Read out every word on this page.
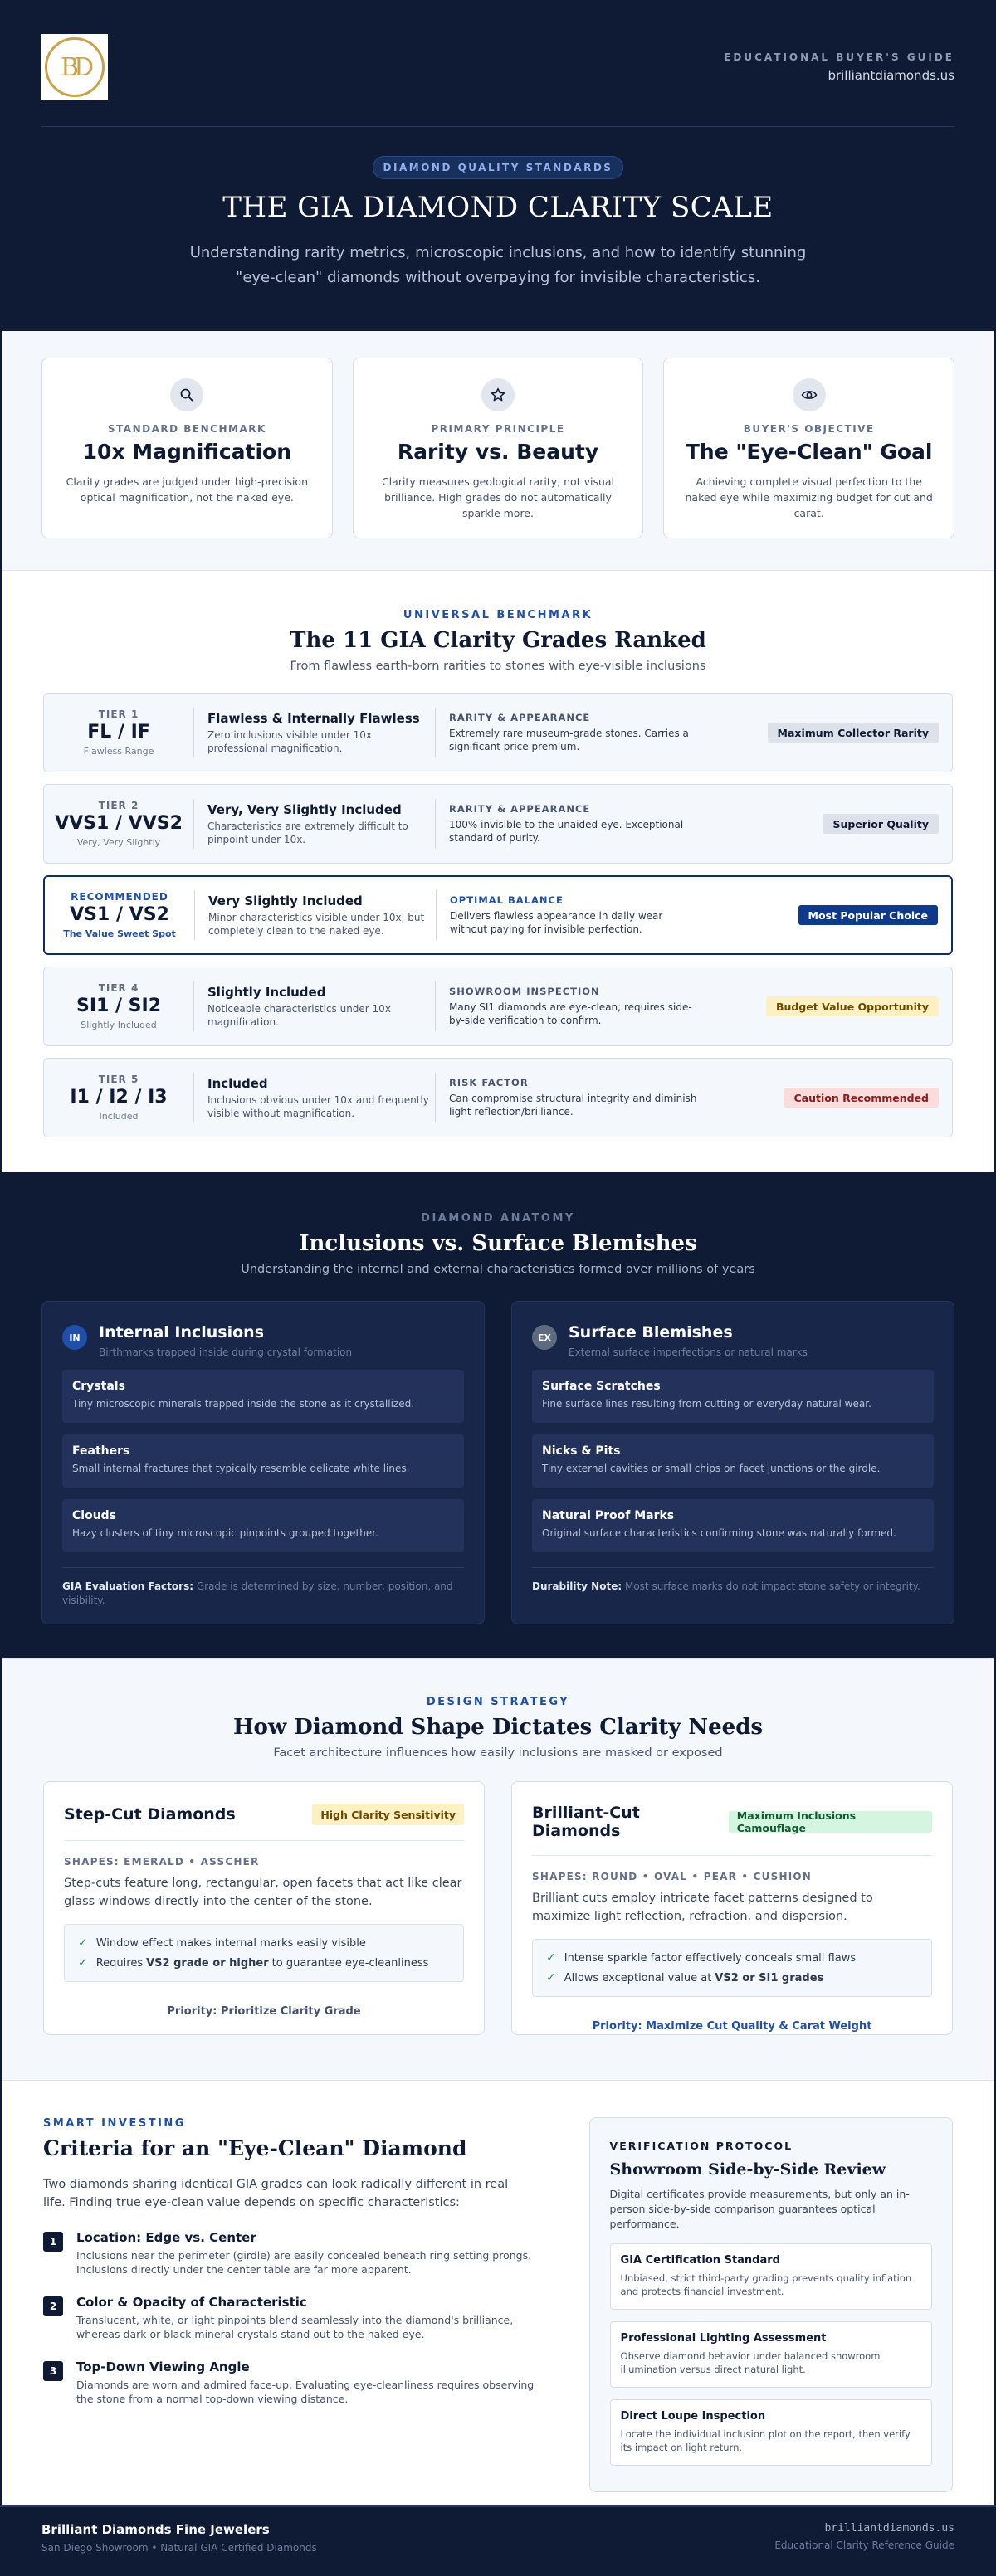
BD	EDUCATIONAL BUYER'S GUIDE
brilliantdiamonds.us
DIAMOND QUALITY STANDARDS
THE GIA DIAMOND CLARITY SCALE

Understanding rarity metrics, microscopic inclusions, and how to identify stunning "eye-clean" diamonds without overpaying for invisible characteristics.

STANDARD BENCHMARK
10x Magnification

Clarity grades are judged under high-precision optical magnification, not the naked eye.

PRIMARY PRINCIPLE
Rarity vs. Beauty

Clarity measures geological rarity, not visual brilliance. High grades do not automatically sparkle more.

BUYER'S OBJECTIVE
The "Eye-Clean" Goal

Achieving complete visual perfection to the naked eye while maximizing budget for cut and carat.

UNIVERSAL BENCHMARK
The 11 GIA Clarity Grades Ranked

From flawless earth-born rarities to stones with eye-visible inclusions

TIER 1
FL / IF
Flawless Range
Flawless & Internally Flawless
Zero inclusions visible under 10x professional magnification.
RARITY & APPEARANCE
Extremely rare museum-grade stones. Carries a significant price premium.
Maximum Collector Rarity
TIER 2
VVS1 / VVS2
Very, Very Slightly
Very, Very Slightly Included
Characteristics are extremely difficult to pinpoint under 10x.
RARITY & APPEARANCE
100% invisible to the unaided eye. Exceptional standard of purity.
Superior Quality
RECOMMENDED
VS1 / VS2
The Value Sweet Spot
Very Slightly Included
Minor characteristics visible under 10x, but completely clean to the naked eye.
OPTIMAL BALANCE
Delivers flawless appearance in daily wear without paying for invisible perfection.
Most Popular Choice
TIER 4
SI1 / SI2
Slightly Included
Slightly Included
Noticeable characteristics under 10x magnification.
SHOWROOM INSPECTION
Many SI1 diamonds are eye-clean; requires side-by-side verification to confirm.
Budget Value Opportunity
TIER 5
I1 / I2 / I3
Included
Included
Inclusions obvious under 10x and frequently visible without magnification.
RISK FACTOR
Can compromise structural integrity and diminish light reflection/brilliance.
Caution Recommended
DIAMOND ANATOMY
Inclusions vs. Surface Blemishes

Understanding the internal and external characteristics formed over millions of years

IN	Internal Inclusions
Birthmarks trapped inside during crystal formation
Crystals
Tiny microscopic minerals trapped inside the stone as it crystallized.
Feathers
Small internal fractures that typically resemble delicate white lines.
Clouds
Hazy clusters of tiny microscopic pinpoints grouped together.
GIA Evaluation Factors: Grade is determined by size, number, position, and visibility.
EX	Surface Blemishes
External surface imperfections or natural marks
Surface Scratches
Fine surface lines resulting from cutting or everyday natural wear.
Nicks & Pits
Tiny external cavities or small chips on facet junctions or the girdle.
Natural Proof Marks
Original surface characteristics confirming stone was naturally formed.
Durability Note: Most surface marks do not impact stone safety or integrity.
DESIGN STRATEGY
How Diamond Shape Dictates Clarity Needs

Facet architecture influences how easily inclusions are masked or exposed

Step-Cut Diamonds	High Clarity Sensitivity
SHAPES: EMERALD • ASSCHER
Step-cuts feature long, rectangular, open facets that act like clear glass windows directly into the center of the stone.
✓ Window effect makes internal marks easily visible
✓ Requires VS2 grade or higher to guarantee eye-cleanliness
Priority: Prioritize Clarity Grade
Brilliant-Cut Diamonds
Maximum Inclusions Camouflage
SHAPES: ROUND • OVAL • PEAR • CUSHION
Brilliant cuts employ intricate facet patterns designed to maximize light reflection, refraction, and dispersion.
✓ Intense sparkle factor effectively conceals small flaws
✓ Allows exceptional value at VS2 or SI1 grades
Priority: Maximize Cut Quality & Carat Weight
SMART INVESTING
Criteria for an "Eye-Clean" Diamond

Two diamonds sharing identical GIA grades can look radically different in real life. Finding true eye-clean value depends on specific characteristics:

1	Location: Edge vs. Center
Inclusions near the perimeter (girdle) are easily concealed beneath ring setting prongs. Inclusions directly under the center table are far more apparent.
2	Color & Opacity of Characteristic
Translucent, white, or light pinpoints blend seamlessly into the diamond's brilliance, whereas dark or black mineral crystals stand out to the naked eye.
3	Top-Down Viewing Angle
Diamonds are worn and admired face-up. Evaluating eye-cleanliness requires observing the stone from a normal top-down viewing distance.
VERIFICATION PROTOCOL
Showroom Side-by-Side Review

Digital certificates provide measurements, but only an in-person side-by-side comparison guarantees optical performance.

GIA Certification Standard
Unbiased, strict third-party grading prevents quality inflation and protects financial investment.
Professional Lighting Assessment
Observe diamond behavior under balanced showroom illumination versus direct natural light.
Direct Loupe Inspection
Locate the individual inclusion plot on the report, then verify its impact on light return.
Brilliant Diamonds Fine Jewelers
San Diego Showroom • Natural GIA Certified Diamonds
brilliantdiamonds.us
Educational Clarity Reference Guide
